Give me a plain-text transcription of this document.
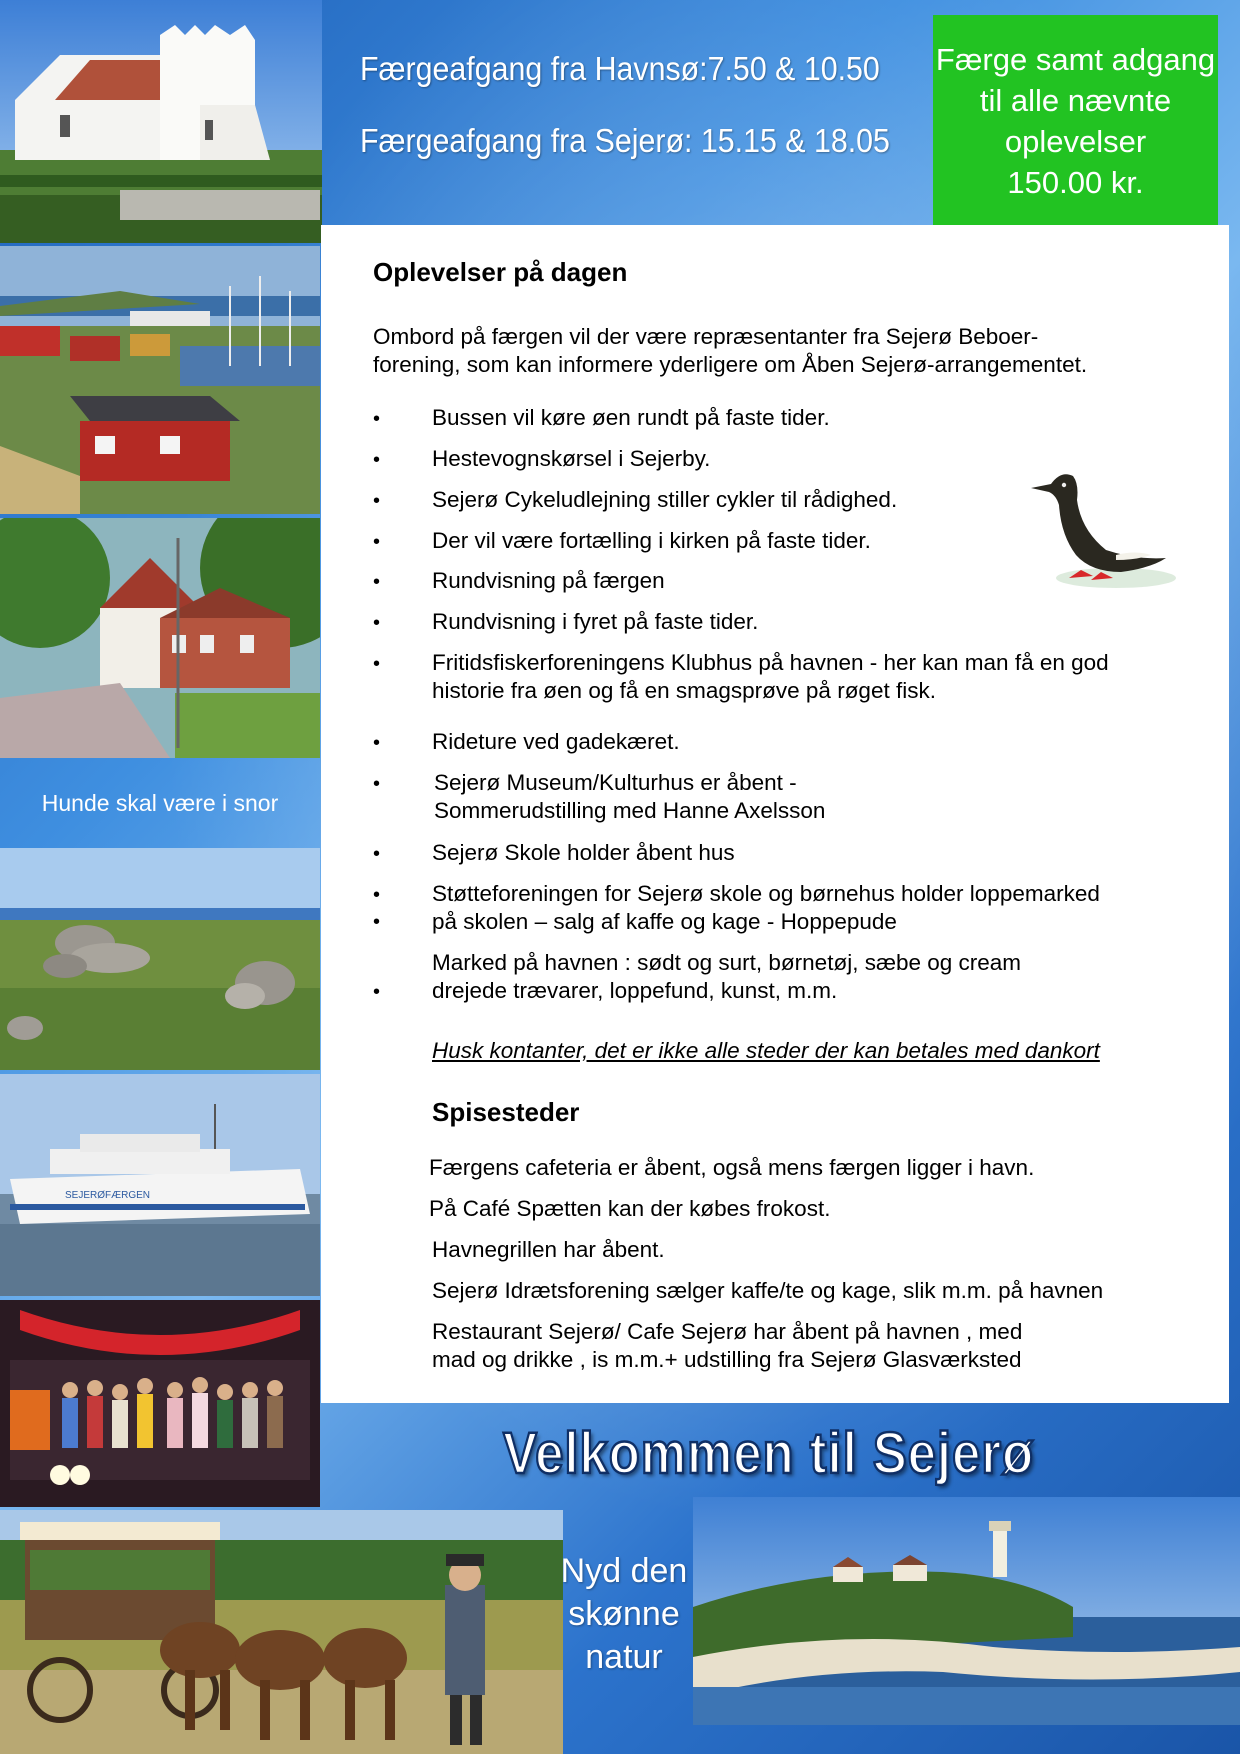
Hunde skal være i snor
SEJERØFÆRGEN
Færgeafgang fra Havnsø:7.50 & 10.50
Færgeafgang fra Sejerø: 15.15 & 18.05
Færge samt adgang
til alle nævnte
oplevelser
150.00 kr.
Oplevelser på dagen
Ombord på færgen vil der være repræsentanter fra Sejerø Beboer-
forening, som kan informere yderligere om Åben Sejerø-arrangementet.
•
•
•
•
•
•
•
•
•
•
•
•
•
Bussen vil køre øen rundt på faste tider.
Hestevognskørsel i Sejerby.
Sejerø Cykeludlejning stiller cykler til rådighed.
Der vil være fortælling i kirken på faste tider.
Rundvisning på færgen
Rundvisning i fyret på faste tider.
Fritidsfiskerforeningens Klubhus på havnen - her kan man få en god
historie fra øen og få en smagsprøve på røget fisk.
Rideture ved gadekæret.
Sejerø Museum/Kulturhus er åbent -
Sommerudstilling med Hanne Axelsson
Sejerø Skole holder åbent hus
Støtteforeningen for Sejerø skole og børnehus holder loppemarked
på skolen – salg af kaffe og kage - Hoppepude
Marked på havnen : sødt og surt, børnetøj, sæbe og cream
drejede trævarer, loppefund, kunst, m.m.
Husk kontanter, det er ikke alle steder der kan betales med dankort
Spisesteder
Færgens cafeteria er åbent, også mens færgen ligger i havn.
På Café Spætten kan der købes frokost.
Havnegrillen har åbent.
Sejerø Idrætsforening sælger kaffe/te og kage, slik m.m. på havnen
Restaurant Sejerø/ Cafe Sejerø har åbent på havnen , med
mad og drikke , is m.m.+ udstilling fra Sejerø Glasværksted
Velkommen til Sejerø
Nyd den
skønne
natur
